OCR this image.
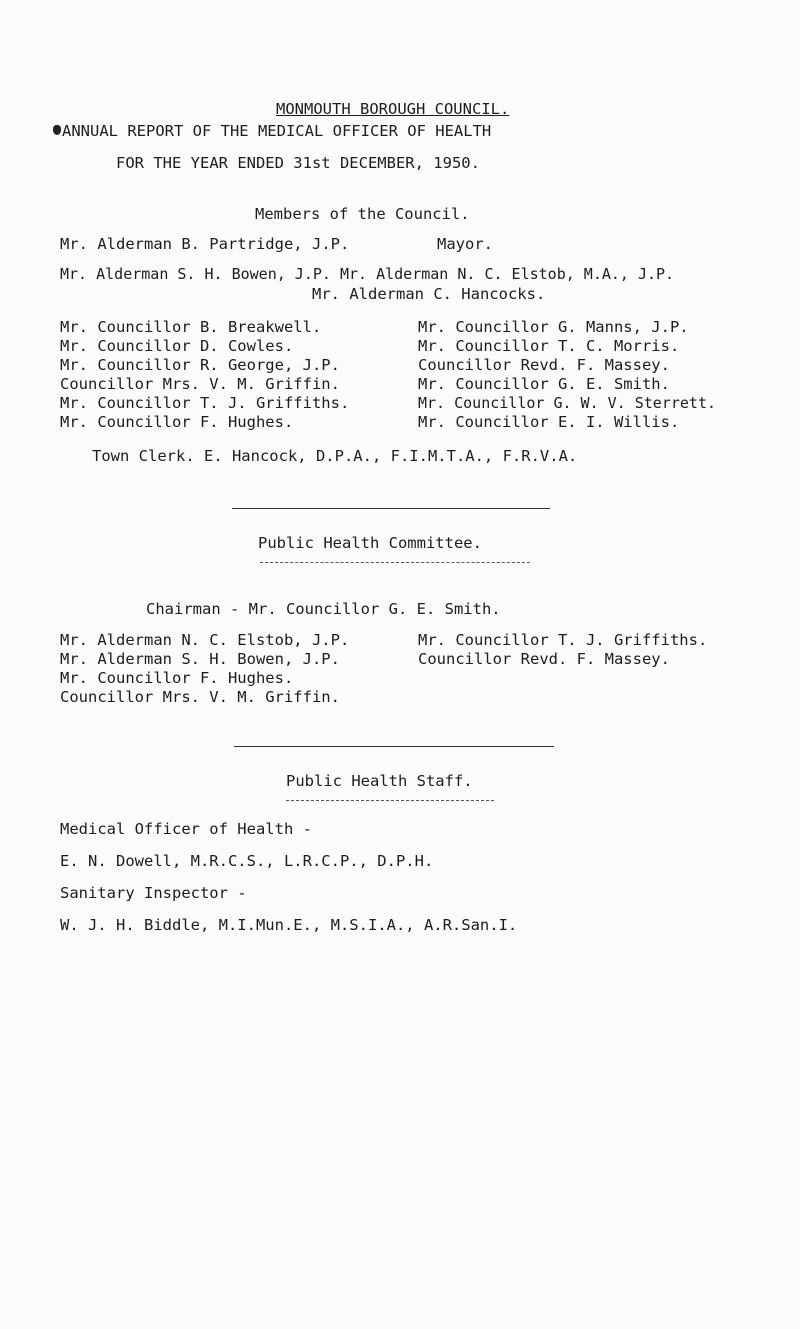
MONMOUTH BOROUGH COUNCIL.
ANNUAL REPORT OF THE MEDICAL OFFICER OF HEALTH
FOR THE YEAR ENDED 31st DECEMBER, 1950.
Members of the Council.
Mr. Alderman B. Partridge, J.P.	Mayor.
Mr. Alderman S. H. Bowen, J.P. Mr. Alderman N. C. Elstob, M.A., J.P.
Mr. Alderman C. Hancocks.
Mr. Councillor B. Breakwell.
Mr. Councillor D. Cowles.
Mr. Councillor R. George, J.P.
Councillor Mrs. V. M. Griffin.
Mr. Councillor T. J. Griffiths.
Mr. Councillor F. Hughes.
Mr. Councillor G. Manns, J.P.
Mr. Councillor T. C. Morris.
Councillor Revd. F. Massey.
Mr. Councillor G. E. Smith.
Mr. Councillor G. W. V. Sterrett.
Mr. Councillor E. I. Willis.
Town Clerk. E. Hancock, D.P.A., F.I.M.T.A., F.R.V.A.
Public Health Committee.
Chairman - Mr. Councillor G. E. Smith.
Mr. Alderman N. C. Elstob, J.P.
Mr. Alderman S. H. Bowen, J.P.
Mr. Councillor F. Hughes.
Councillor Mrs. V. M. Griffin.
Mr. Councillor T. J. Griffiths.
Councillor Revd. F. Massey.
Public Health Staff.
Medical Officer of Health -
E. N. Dowell, M.R.C.S., L.R.C.P., D.P.H.
Sanitary Inspector -
W. J. H. Biddle, M.I.Mun.E., M.S.I.A., A.R.San.I.
